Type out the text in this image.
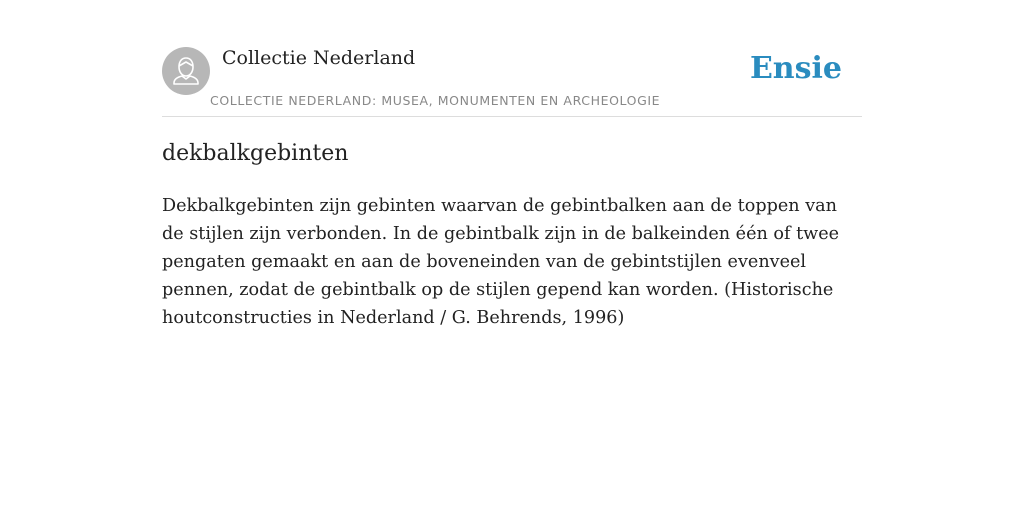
Collectie Nederland
COLLECTIE NEDERLAND: MUSEA, MONUMENTEN EN ARCHEOLOGIE
Ensie
dekbalkgebinten

Dekbalkgebinten zijn gebinten waarvan de gebintbalken aan de toppen van de stijlen zijn verbonden. In de gebintbalk zijn in de balkeinden één of twee pengaten gemaakt en aan de boveneinden van de gebintstijlen evenveel pennen, zodat de gebintbalk op de stijlen gepend kan worden. (Historische houtconstructies in Nederland / G. Behrends, 1996)
